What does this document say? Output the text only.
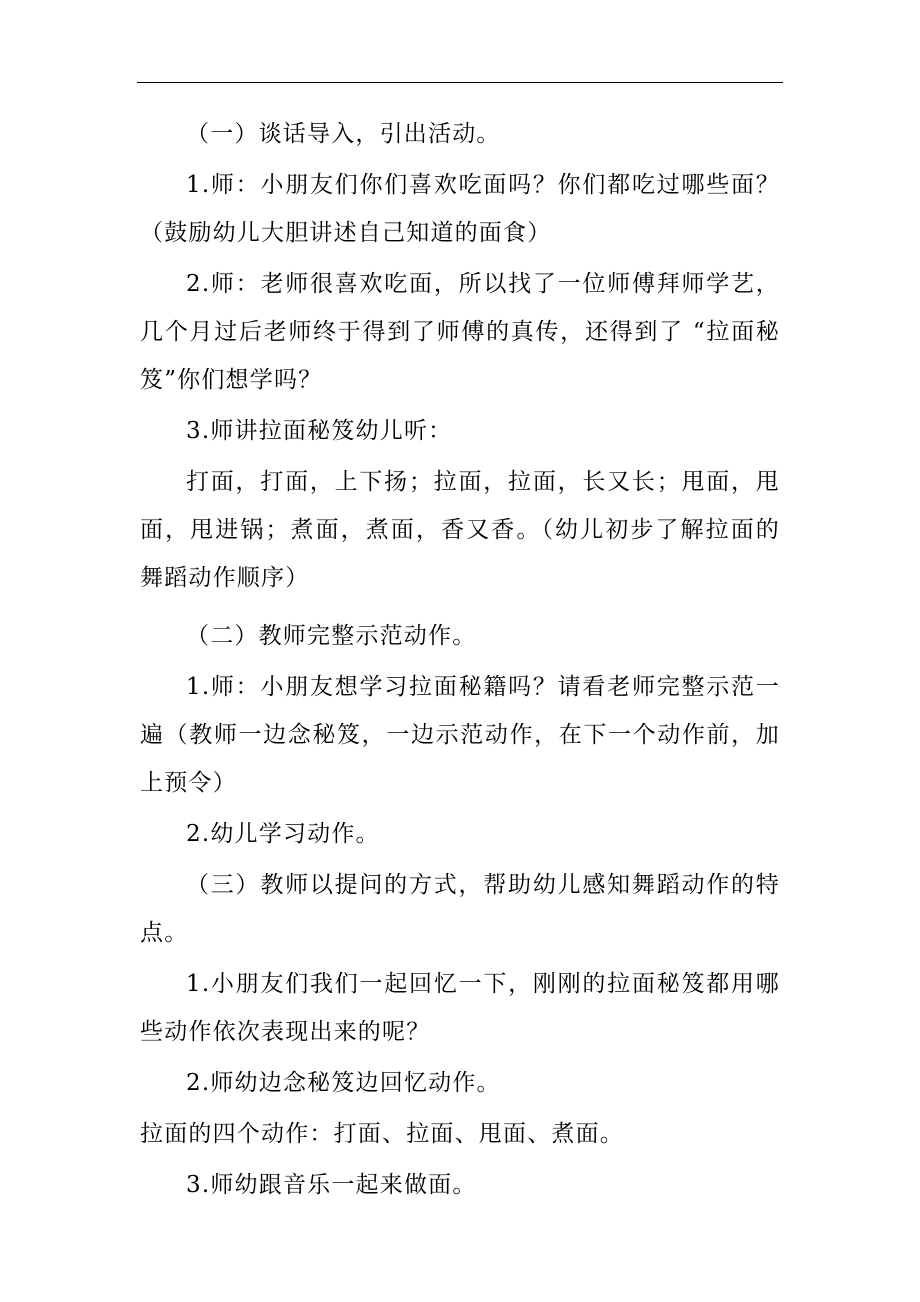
（一）谈话导入，引出活动。

1.师：小朋友们你们喜欢吃面吗？你们都吃过哪些面？（鼓励幼儿大胆讲述自己知道的面食）

2.师：老师很喜欢吃面，所以找了一位师傅拜师学艺，几个月过后老师终于得到了师傅的真传，还得到了 “拉面秘笈”你们想学吗？

3.师讲拉面秘笈幼儿听：

打面，打面，上下扬；拉面，拉面，长又长；甩面，甩面，甩进锅；煮面，煮面，香又香。（幼儿初步了解拉面的舞蹈动作顺序）

（二）教师完整示范动作。

1.师：小朋友想学习拉面秘籍吗？请看老师完整示范一遍（教师一边念秘笈，一边示范动作，在下一个动作前，加上预令）

2.幼儿学习动作。

（三）教师以提问的方式，帮助幼儿感知舞蹈动作的特点。

1.小朋友们我们一起回忆一下，刚刚的拉面秘笈都用哪些动作依次表现出来的呢？

2.师幼边念秘笈边回忆动作。

拉面的四个动作：打面、拉面、甩面、煮面。

3.师幼跟音乐一起来做面。
